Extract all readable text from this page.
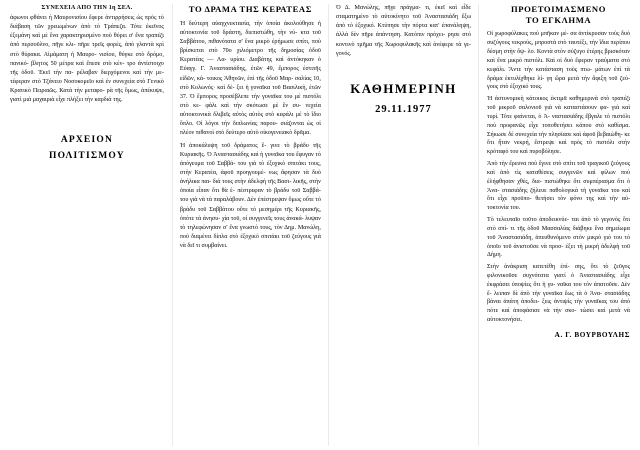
ΣΥΝΕΧΕΙΑ ΑΠΟ ΤΗΝ 1η ΣΕΛ.

άφωνοι φθάνει ή Μαυρονισίου ἔφερε ἀντιρρήσεις ὡς πρὸς τὸ διάβαση τῶν χρειωμένων ἀπὸ τὸ Τράπεζα. Τότε ἐκεῖνος ἐξεμάνη καὶ μὲ ἕνα χαρακτηρισμένο ποὺ θύρει σ' ἕνα τραπέζι ἀπὸ περσοῦλνο, πῆγε κλι- πῆρε τρεῖς φορές, ἀπὸ γλαντὰ κρὶ στὸ θύρακα. Αἰμάματη ἡ Μαυρο- νισίου, θύγκε στὸ δρόμο, πανικό- βλητος 50 μέτρα καὶ ἔπεσε στὸ κέν- τρο ἀντίστοιχο τῆς ὁδοῦ. Ἐκεῖ τὴν πα- ρέλαβαν διερχόμενοι καὶ τὴν με- τέφεραν στὸ Τζάνειο Νοσοκομεῖο καὶ ἐν συνεχεία στὸ Γενικὸ Κρατικὸ Πειραιῶς. Κατὰ τὴν μεταφο- ρὰ τῆς ὅμως, ἀπέκυψε, γιατὶ μιὰ μαχαιριὰ εἶχε πλήξει τὴν καρδιά της.

ΑΡΧΕΙΟΝ
ΠΟΛΙΤΙΣΜΟΥ
ΤΟ ΔΡΑΜΑ ΤΗΣ ΚΕΡΑΤΕΑΣ

Ἡ δεύτερη αὐαγχνεκτασία, τὴν ὁποία ἀκολούθησε ἡ αὐτοκτονία τοῦ δράστη, διεπιστώθη, τὴν νύ- κτα τοῦ Σαββάτου, πιθανότατα σ' ἕνα μικρὸ ἐρήμωσε σπίτι, ποὺ βρίσκεται στὸ 70ο χιλιόμετρο τῆς δημοσίας ὁδοῦ Κερατέας — Λα- υρίου. Διαβάτης καὶ ἀντόκηκαν ὁ Εὐαγγ. Γ. Ἀναστασιάδης, ἐτῶν 49, ἔμπορος ἑστιτῆς εἰδῶν, κά- τοικος Ἀθηνῶν, ἐπὶ τῆς ὁδοῦ Μαρ- σαλίας 10, στὸ Κολωνός· καὶ δέ- ξει ἡ γυναῖκα τοῦ Βασιλικὴ, ἐτῶν 37. Ὁ ἔμπορος προσέβλεπε τὴν γυναῖκα του μὲ πιστόλι στὸ κε- φάλι καὶ τὴν σκότωσε μὲ ἕν συ- νεχεία αὐτοκτονικὰ δλιβεῖς αὐτὸς αὐτὸς στὸ κεφάλι μὲ τὸ ἴδιο ὅπλο. Οἱ λόγοι τὴν διπλωνίας παρου- σιάζονται ὡς οἱ πλέον πιθανοὶ στὸ δεύτερο αὐτὸ οἰκογενειακὸ δρᾶμα.

Ἡ ἀποκάλυψη τοῦ δράματος ἔ- γινε τὸ βράδυ τῆς Κυριακῆς. Ὁ Ἀναστασιάδης καὶ ἡ γυναῖκα του ἔφυγαν τὸ ἀπόγευμα τοῦ Σαββά- του γιὰ τὸ ἐξοχικὸ σπιτάκι τους, στὴν Κερατέα, ἀφοῦ προηγουμέ- νως ἄφησαν τὰ δυὸ ἀνήλικα παι- διά τους στὴν ἀδελφὴ τῆς Βασι- λικῆς, στὴν ὁποία εἶπαν ὅτι θὰ ἐ- πέστρεφαν τὸ βράδυ τοῦ Σαββά- του γιὰ νὰ τὰ παραλάβουν. Δὲν ἐπέστρεψαν ὅμως οὔτε τὸ βράδυ τοῦ Σαββάτου οὔτε τὸ μεσημέρι τῆς Κυριακῆς, ὁπότε τὰ ἀνησυ- χία τοῦ, οἱ συγγενεῖς τους ἀνακά- λυψαν τὸ τηλεφώνησαν σ' ἕνα γνωστό τους, τὸν Δημ. Μανώλη, ποὺ διαμένει δίπλα στὸ ἐξοχικὸ σπιτάκι τοῦ ζεύγους γιὰ νὰ δεῖ τι συμβαίνει.

Ὁ Δ. Μανώλης, πῆγε πράγμα- τι, ἐκεῖ καὶ εἶδε σταματημένο τὸ αὐτοκίνητο τοῦ Ἀναστασιάδη ἔξω ἀπὸ τὸ ἐξοχικό. Κτύπησε τὴν πόρτα κατ' ἐπανάληψη, ἀλλὰ δὲν πῆρε ἀπάντηση. Κατόπιν πρόχει- ρησε στὸ κοντινὸ τμῆμα τῆς Χωροφυλακῆς καὶ ἀνέφερε τὰ γε- γονός.

ΚΑΘΗΜΕΡΙΝΗ
29.11.1977
ΠΡΟΕΤΟΙΜΑΣΜΕΝΟ
ΤΟ ΕΓΚΛΗΜΑ

Οἱ χωροφύλακες ποὺ μπῆκαν μέ- σα ἀντίκρυσαν τοὺς δυὸ συζύγους νεκρούς, μπροστὰ στὸ ταυτέξι, τὴν ἴδια περίπου δέσμη στὴν ὄψ- λο. Κοντὰ στὸν σύζυγο ἑτέρης βρισκόταν καὶ ἕνα μικρὸ πιστόλι. Καὶ οἱ δυὸ ἔφεραν τραύματα στὸ κεφάλι. Ἄντε τὴν κατάσταση τοὺς πτω- μάτων ἐπὶ τὰ δράμα ἐκτυλίχθηκε λί- γη ὥρα μετὰ τὴν ἄφιξη τοῦ ζεύ- γους στὸ ἐξοχικό τους.

Ἡ ἀστυνομικὴ κάτοικος ἐκτιμᾶ καθημερινὰ στὸ τραπέζι τοῦ μικροῦ σαλονιοῦ γιὰ νὰ καταστάσουν φα- γιὰ καὶ τυρί. Τότε φαίνεται, ὁ Ἀ- ναστασιάδης ἔβγαλε τὸ πιστόλι ποὺ προφανῶς εἶχε τοποθετήσει κάπου στὸ καθίσμα. Σήκωσε δὲ συνεχεία τὴν πλησίασε καὶ ἀφοῦ βεβαιώθη- κε ὅτι ἦταν νεκρή, ἔστρεψε καὶ πρὸς τὸ πιστόλι στὴν κρόταφό του καὶ πυροβόλησε.

Ἀπὸ τὴν ἔρευνα ποὺ ἔγινε στὸ σπίτι τοῦ τραγικοῦ ζεύγους καὶ ἀπὸ τὶς καταθέσεις συγγενῶν καὶ φίλων ποὺ ἐλήφθησαν χθές, δια- πιστώθηκε ὅτι συμπέρασμα ὅτι ὁ Ἀνα- στασιάδης ζήλευε παθολογικὰ τὴ γυναῖκα του καὶ ὅτι εἶχε προϋπο- θετήσει τὸν φόνο της καὶ τὴν αὐ- τοκτονία του.

Τὸ τελευταῖο τοῦτο ἀποδεικνύε- ται ἀπὸ τὸ γεγονὸς ὅτι στὸ σπί- τι τῆς ὁδοῦ Μασσαλίας διάβηκε ἕνα σημείωμα τοῦ Ἀναστασιάδη, ἀπευθυνόμενο στὸν μικρὸ γιὸ του τὸ ὁποῖο τοῦ ἀνιστοῦσε νὰ προσ- έξει τὴ μικρὴ ἀδελφὴ τοῦ Δήμη.

Στὴν ἀνάκριση κατετέθη ἐπί- σης, ὅτι τὸ ζεῦγος φιλονικοῦσε συχνότατα γιατί ὁ Ἀναστασιάδης εἶχε ἐκφράσει ὑποψίες ὅτι ἡ γυ- ναῖκα του τὸν ἀπατοῦσε. Δὲν ἔ- λειπαν δὲ ἀπὸ τὴν γυναῖκα ἕως τὰ ὁ Ἀνα- στασιάδης βάναι ἀπάτη ἀποδει- ξεις ἀντιψὶς τὴν γυναῖκας του ἀπὸ πότε καὶ ἀποφάσισε νὰ τὴν σκο- τώσει καὶ μετὰ νὰ αὐτοκτονήσει.

Α. Γ. ΒΟΥΡΒΟΥΛΗΣ
